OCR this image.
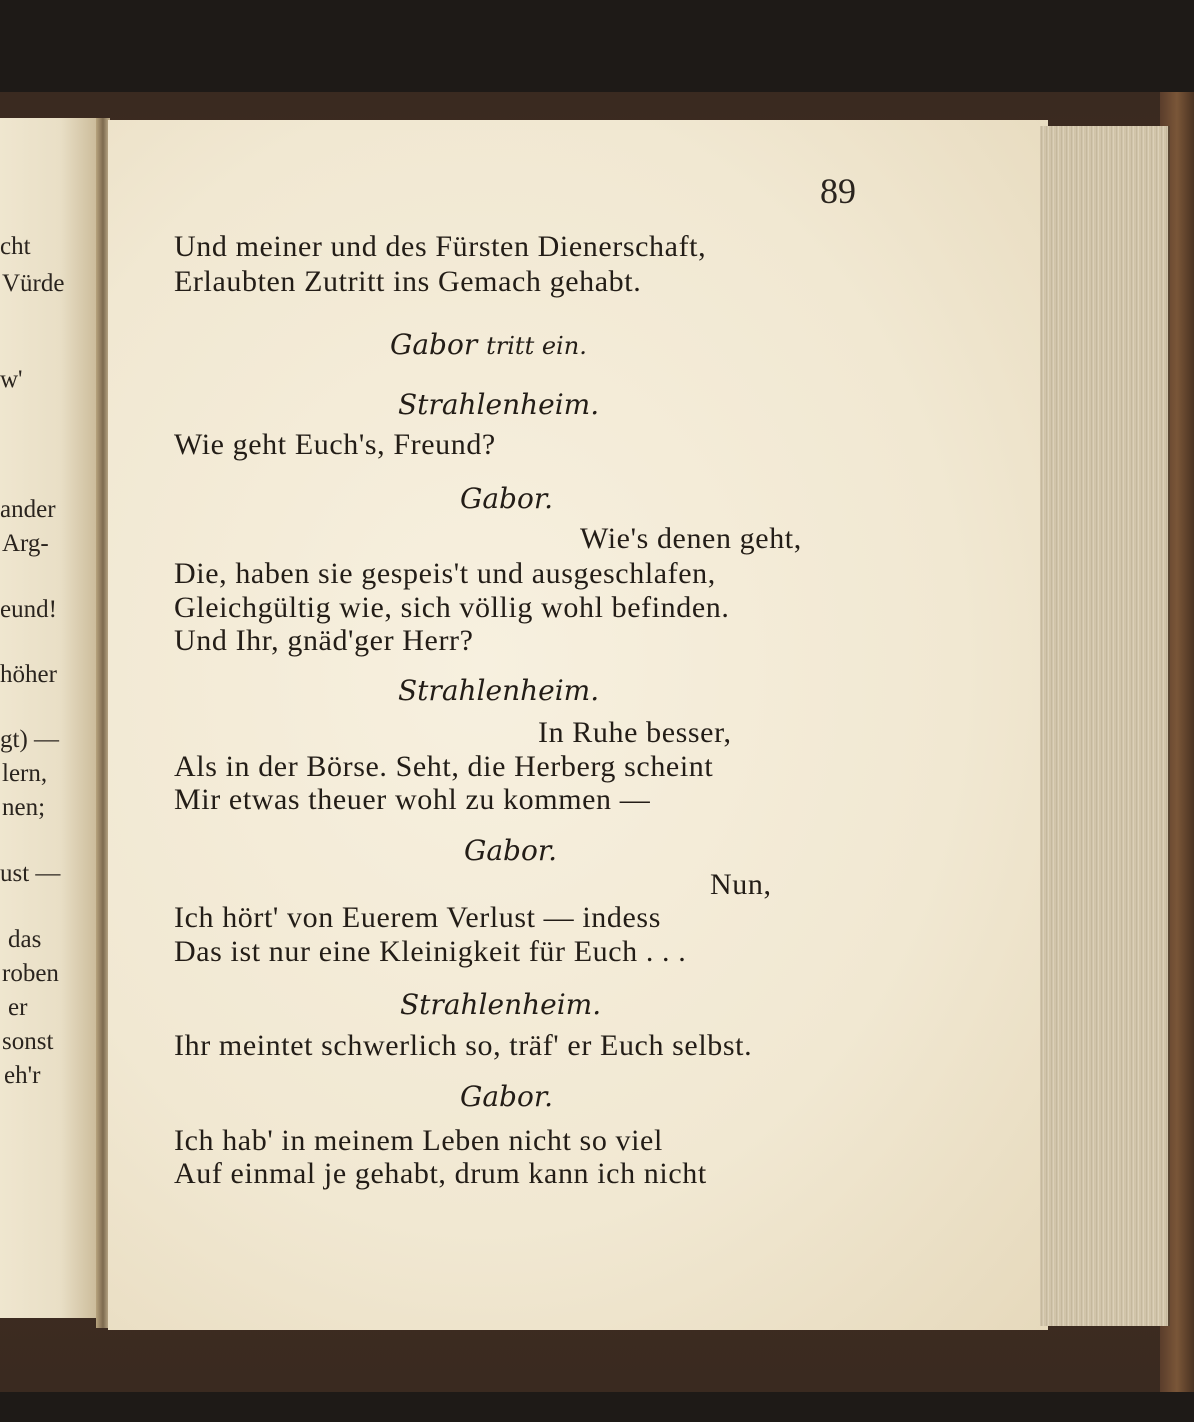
cht
Vürde
w'
ander
Arg-
eund!
höher
gt) —
lern,
nen;
ust —
das
roben
er
sonst
eh'r
89
Und meiner und des Fürsten Dienerschaft,
Erlaubten Zutritt ins Gemach gehabt.
Gabor tritt ein.
Strahlenheim.
Wie geht Euch's, Freund?
Gabor.
Wie's denen geht,
Die, haben sie gespeis't und ausgeschlafen,
Gleichgültig wie, sich völlig wohl befinden.
Und Ihr, gnäd'ger Herr?
Strahlenheim.
In Ruhe besser,
Als in der Börse. Seht, die Herberg scheint
Mir etwas theuer wohl zu kommen —
Gabor.
Nun,
Ich hört' von Euerem Verlust — indess
Das ist nur eine Kleinigkeit für Euch . . .
Strahlenheim.
Ihr meintet schwerlich so, träf' er Euch selbst.
Gabor.
Ich hab' in meinem Leben nicht so viel
Auf einmal je gehabt, drum kann ich nicht
